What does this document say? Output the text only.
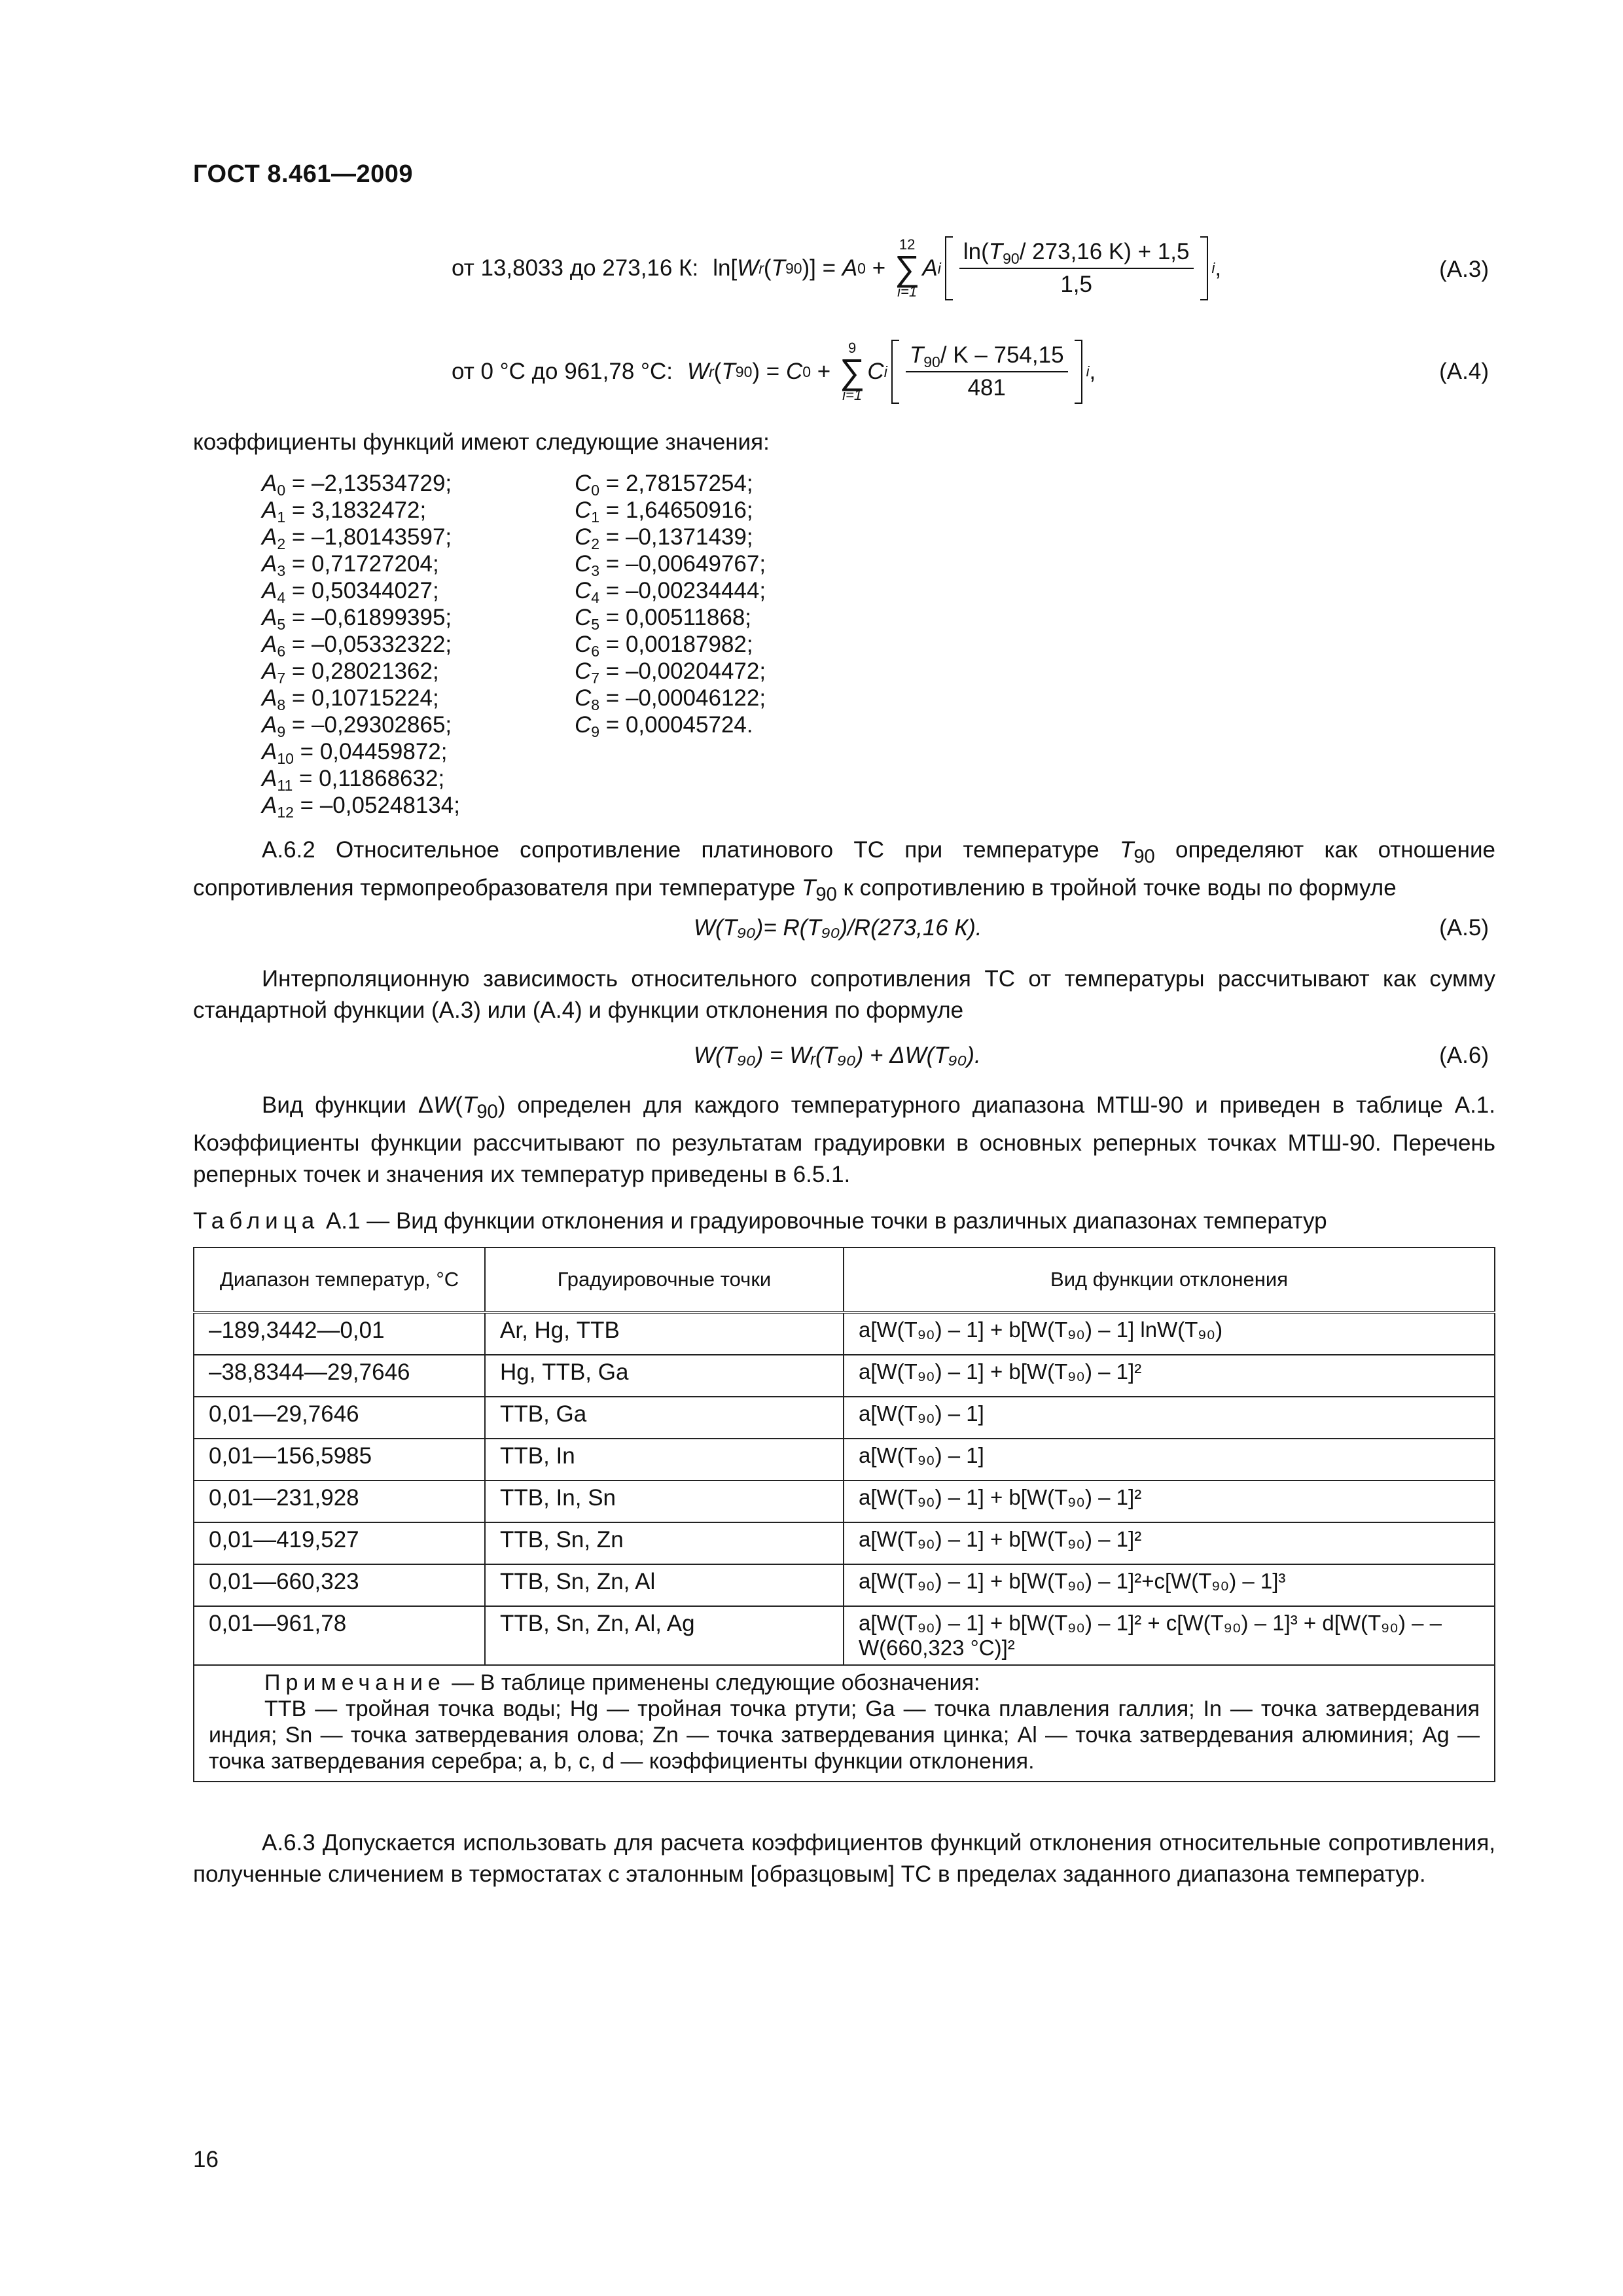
ГОСТ 8.461—2009
от 13,8033 до 273,16 К: ln[ W r ( T 90 )] = A 0 +
12
∑
i=1
A i $\frac{\ln(T_{90}/ 273,16 K) + 1,5}{1,5}$ i ,	(А.3)
от 0 °С до 961,78 °С: W r ( T 90 ) = C 0 +
9
∑
i=1
C i $\frac{T_{90}/ K - 754,15}{481}$ i ,	(А.4)
коэффициенты функций имеют следующие значения:
$A_0 = -2,13534729$;
$A_1 = 3,1832472$;
$A_2 = -1,80143597$;
$A_3 = 0,71727204$;
$A_4 = 0,50344027$;
$A_5 = -0,61899395$;
$A_6 = -0,05332322$;
$A_7 = 0,28021362$;
$A_8 = 0,10715224$;
$A_9 = -0,29302865$;
$A_{10} = 0,04459872$;
$A_{11} = 0,11868632$;
$A_{12} = -0,05248134$;
$C_0 = 2,78157254$;
$C_1 = 1,64650916$;
$C_2 = -0,1371439$;
$C_3 = -0,00649767$;
$C_4 = -0,00234444$;
$C_5 = 0,00511868$;
$C_6 = 0,00187982$;
$C_7 = -0,00204472$;
$C_8 = -0,00046122$;
$C_9 = 0,00045724$.
А.6.2 Относительное сопротивление платинового ТС при температуре $T_{90}$ определяют как отношение сопротивления термопреобразователя при температуре $T_{90}$ к сопротивлению в тройной точке воды по формуле
W(T₉₀)= R(T₉₀)/R(273,16 К).	(А.5)
Интерполяционную зависимость относительного сопротивления ТС от температуры рассчитывают как сумму стандартной функции (А.3) или (А.4) и функции отклонения по формуле
W(T₉₀) = Wᵣ(T₉₀) + ΔW(T₉₀).	(А.6)
Вид функции $\Delta W(T_{90})$ определен для каждого температурного диапазона МТШ-90 и приведен в таблице А.1. Коэффициенты функции рассчитывают по результатам градуировки в основных реперных точках МТШ-90. Перечень реперных точек и значения их температур приведены в 6.5.1.
Таблица А.1 — Вид функции отклонения и градуировочные точки в различных диапазонах температур
Диапазон температур, °С	Градуировочные точки	Вид функции отклонения
–189,3442—0,01	Ar, Hg, ТТВ	a[W(T₉₀) – 1] + b[W(T₉₀) – 1] lnW(T₉₀)
–38,8344—29,7646	Hg, ТТВ, Ga	a[W(T₉₀) – 1] + b[W(T₉₀) – 1]²
0,01—29,7646	ТТВ, Ga	a[W(T₉₀) – 1]
0,01—156,5985	ТТВ, In	a[W(T₉₀) – 1]
0,01—231,928	ТТВ, In, Sn	a[W(T₉₀) – 1] + b[W(T₉₀) – 1]²
0,01—419,527	ТТВ, Sn, Zn	a[W(T₉₀) – 1] + b[W(T₉₀) – 1]²
0,01—660,323	ТТВ, Sn, Zn, Al	a[W(T₉₀) – 1] + b[W(T₉₀) – 1]²+c[W(T₉₀) – 1]³
0,01—961,78	ТТВ, Sn, Zn, Al, Ag	a[W(T₉₀) – 1] + b[W(T₉₀) – 1]² + c[W(T₉₀) – 1]³ + d[W(T₉₀) – – W(660,323 °C)]²

Примечание — В таблице применены следующие обозначения:
ТТВ — тройная точка воды; Hg — тройная точка ртути; Ga — точка плавления галлия; In — точка затвердевания индия; Sn — точка затвердевания олова; Zn — точка затвердевания цинка; Al — точка затвердевания алюминия; Ag — точка затвердевания серебра; a, b, c, d — коэффициенты функции отклонения.		
А.6.3 Допускается использовать для расчета коэффициентов функций отклонения относительные сопротивления, полученные сличением в термостатах с эталонным [образцовым] ТС в пределах заданного диапазона температур.
16
